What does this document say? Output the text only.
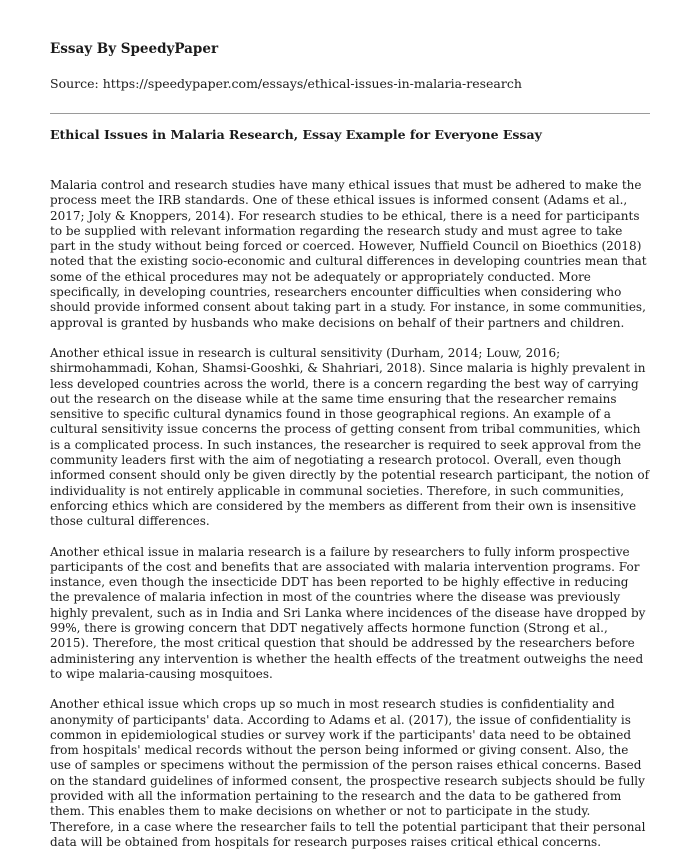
Essay By SpeedyPaper
Source: https://speedypaper.com/essays/ethical-issues-in-malaria-research
Ethical Issues in Malaria Research, Essay Example for Everyone Essay

Malaria control and research studies have many ethical issues that must be adhered to make the process meet the IRB standards. One of these ethical issues is informed consent (Adams et al., 2017; Joly & Knoppers, 2014). For research studies to be ethical, there is a need for participants to be supplied with relevant information regarding the research study and must agree to take part in the study without being forced or coerced. However, Nuffield Council on Bioethics (2018) noted that the existing socio-economic and cultural differences in developing countries mean that some of the ethical procedures may not be adequately or appropriately conducted. More specifically, in developing countries, researchers encounter difficulties when considering who should provide informed consent about taking part in a study. For instance, in some communities, approval is granted by husbands who make decisions on behalf of their partners and children.

Another ethical issue in research is cultural sensitivity (Durham, 2014; Louw, 2016; shirmohammadi, Kohan, Shamsi-Gooshki, & Shahriari, 2018). Since malaria is highly prevalent in less developed countries across the world, there is a concern regarding the best way of carrying out the research on the disease while at the same time ensuring that the researcher remains sensitive to specific cultural dynamics found in those geographical regions. An example of a cultural sensitivity issue concerns the process of getting consent from tribal communities, which is a complicated process. In such instances, the researcher is required to seek approval from the community leaders first with the aim of negotiating a research protocol. Overall, even though informed consent should only be given directly by the potential research participant, the notion of individuality is not entirely applicable in communal societies. Therefore, in such communities, enforcing ethics which are considered by the members as different from their own is insensitive those cultural differences.

Another ethical issue in malaria research is a failure by researchers to fully inform prospective participants of the cost and benefits that are associated with malaria intervention programs. For instance, even though the insecticide DDT has been reported to be highly effective in reducing the prevalence of malaria infection in most of the countries where the disease was previously highly prevalent, such as in India and Sri Lanka where incidences of the disease have dropped by 99%, there is growing concern that DDT negatively affects hormone function (Strong et al., 2015). Therefore, the most critical question that should be addressed by the researchers before administering any intervention is whether the health effects of the treatment outweighs the need to wipe malaria-causing mosquitoes.

Another ethical issue which crops up so much in most research studies is confidentiality and anonymity of participants' data. According to Adams et al. (2017), the issue of confidentiality is common in epidemiological studies or survey work if the participants' data need to be obtained from hospitals' medical records without the person being informed or giving consent. Also, the use of samples or specimens without the permission of the person raises ethical concerns. Based on the standard guidelines of informed consent, the prospective research subjects should be fully provided with all the information pertaining to the research and the data to be gathered from them. This enables them to make decisions on whether or not to participate in the study. Therefore, in a case where the researcher fails to tell the potential participant that their personal data will be obtained from hospitals for research purposes raises critical ethical concerns.
